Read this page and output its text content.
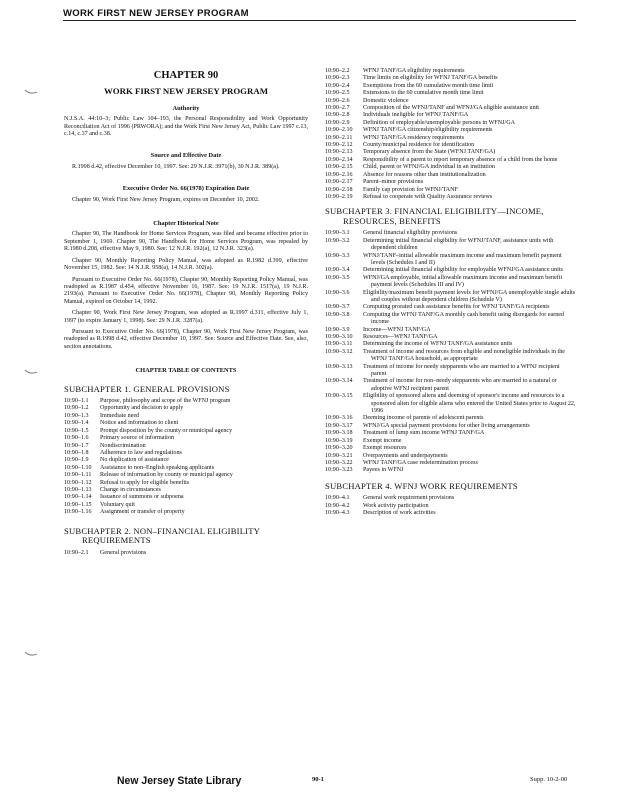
WORK FIRST NEW JERSEY PROGRAM
CHAPTER 90
WORK FIRST NEW JERSEY PROGRAM
Authority

N.J.S.A. 44:10–3; Public Law 104–193, the Personal Responsibility and Work Opportunity Reconciliation Act of 1996 (PRWORA); and the Work First New Jersey Act, Public Law 1997 c.13, c.14, c.37 and c.38.

Source and Effective Date

R.1998 d.42, effective December 10, 1997. See: 29 N.J.R. 3971(b), 30 N.J.R. 389(a).

Executive Order No. 66(1978) Expiration Date

Chapter 90, Work First New Jersey Program, expires on December 10, 2002.

Chapter Historical Note

Chapter 90, The Handbook for Home Services Program, was filed and became effective prior to September 1, 1969. Chapter 90, The Handbook for Home Services Program, was repealed by R.1980 d.208, effective May 9, 1980. See: 12 N.J.R. 192(a), 12 N.J.R. 323(a).

Chapter 90, Monthly Reporting Policy Manual, was adopted as R.1982 d.399, effective November 15, 1982. See: 14 N.J.R. 958(a), 14 N.J.R. 302(a).

Pursuant to Executive Order No. 66(1978), Chapter 90, Monthly Reporting Policy Manual, was readopted as R.1987 d.454, effective November 16, 1987. See: 19 N.J.R. 1517(a), 19 N.J.R. 2193(a). Pursuant to Executive Order No. 66(1978), Chapter 90, Monthly Reporting Policy Manual, expired on October 14, 1992.

Chapter 90, Work First New Jersey Program, was adopted as R.1997 d.311, effective July 1, 1997 (to expire January 1, 1998). See: 29 N.J.R. 3287(a).

Pursuant to Executive Order No. 66(1978), Chapter 90, Work First New Jersey Program, was readopted as R.1998 d.42, effective December 10, 1997. See: Source and Effective Date. See, also, section annotations.

CHAPTER TABLE OF CONTENTS
SUBCHAPTER 1. GENERAL PROVISIONS
10:90–1.1	Purpose, philosophy and scope of the WFNJ program
10:90–1.2	Opportunity and decision to apply
10:90–1.3	Immediate need
10:90–1.4	Notice and information to client
10:90–1.5	Prompt disposition by the county or municipal agency
10:90–1.6	Primary source of information
10:90–1.7	Nondiscrimination
10:90–1.8	Adherence to law and regulations
10:90–1.9	No duplication of assistance
10:90–1.10	Assistance to non–English speaking applicants
10:90–1.11	Release of information by county or municipal agency
10:90–1.12	Refusal to apply for eligible benefits
10:90–1.13	Change in circumstances
10:90–1.14	Issuance of summons or subpoena
10:90–1.15	Voluntary quit
10:90–1.16	Assignment or transfer of property
SUBCHAPTER 2. NON–FINANCIAL ELIGIBILITY REQUIREMENTS
10:90–2.1	General provisions
10:90–2.2	WFNJ TANF/GA eligibility requirements
10:90–2.3	Time limits on eligibility for WFNJ TANF/GA benefits
10:90–2.4	Exemptions from the 60 cumulative month time limit
10:90–2.5	Extensions to the 60 cumulative month time limit
10:90–2.6	Domestic violence
10:90–2.7	Composition of the WFNJ/TANF and WFNJ/GA eligible assistance unit
10:90–2.8	Individuals ineligible for WFNJ TANF/GA
10:90–2.9	Definition of employable/unemployable persons in WFNJ/GA
10:90–2.10	WFNJ TANF/GA citizenship/eligibility requirements
10:90–2.11	WFNJ TANF/GA residency requirements
10:90–2.12	County/municipal residence for identification
10:90–2.13	Temporary absence from the State (WFNJ TANF/GA)
10:90–2.14	Responsibility of a parent to report temporary absence of a child from the home
10:90–2.15	Child, parent or WFNJ/GA individual in an institution
10:90–2.16	Absence for reasons other than institutionalization
10:90–2.17	Parent–minor provisions
10:90–2.18	Family cap provision for WFNJ/TANF
10:90–2.19	Refusal to cooperate with Quality Assurance reviews
SUBCHAPTER 3. FINANCIAL ELIGIBILITY—INCOME, RESOURCES, BENEFITS
10:90–3.1	General financial eligibility provisions
10:90–3.2	Determining initial financial eligibility for WFNJ/TANF, assistance units with dependent children
10:90–3.3	WFNJ/TANF–initial allowable maximum income and maximum benefit payment levels (Schedules I and II)
10:90–3.4	Determining initial financial eligibility for employable WFNJ/GA assistance units
10:90–3.5	WFNJ/GA employable, initial allowable maximum income and maximum benefit payment levels (Schedules III and IV)
10:90–3.6	Eligibility/maximum benefit payment levels for WFNJ/GA unemployable single adults and couples without dependent children (Schedule V)
10:90–3.7	Computing prorated cash assistance benefits for WFNJ TANF/GA recipients
10:90–3.8	Computing the WFNJ TANF/GA monthly cash benefit using disregards for earned income
10:90–3.9	Income—WFNJ TANF/GA
10:90–3.10	Resources—WFNJ TANF/GA
10:90–3.11	Determining the income of WFNJ TANF/GA assistance units
10:90–3.12	Treatment of income and resources from eligible and noneligible individuals in the WFNJ TANF/GA household, as appropriate
10:90–3.13	Treatment of income for needy stepparents who are married to a WFNJ recipient parent
10:90–3.14	Treatment of income for non–needy stepparents who are married to a natural or adoptive WFNJ recipient parent
10:90–3.15	Eligibility of sponsored aliens and deeming of sponsor's income and resources to a sponsored alien for eligible aliens who entered the United States prior to August 22, 1996
10:90–3.16	Deeming income of parents of adolescent parents
10:90–3.17	WFNJ/GA special payment provisions for other living arrangements
10:90–3.18	Treatment of lump sum income WFNJ TANF/GA
10:90–3.19	Exempt income
10:90–3.20	Exempt resources
10:90–3.21	Overpayments and underpayments
10:90–3.22	WFNJ TANF/GA case redetermination process
10:90–3.23	Payees in WFNJ
SUBCHAPTER 4. WFNJ WORK REQUIREMENTS
10:90–4.1	General work requirement provisions
10:90–4.2	Work activity participation
10:90–4.3	Description of work activities
New Jersey State Library	90-1	Supp. 10-2-00
